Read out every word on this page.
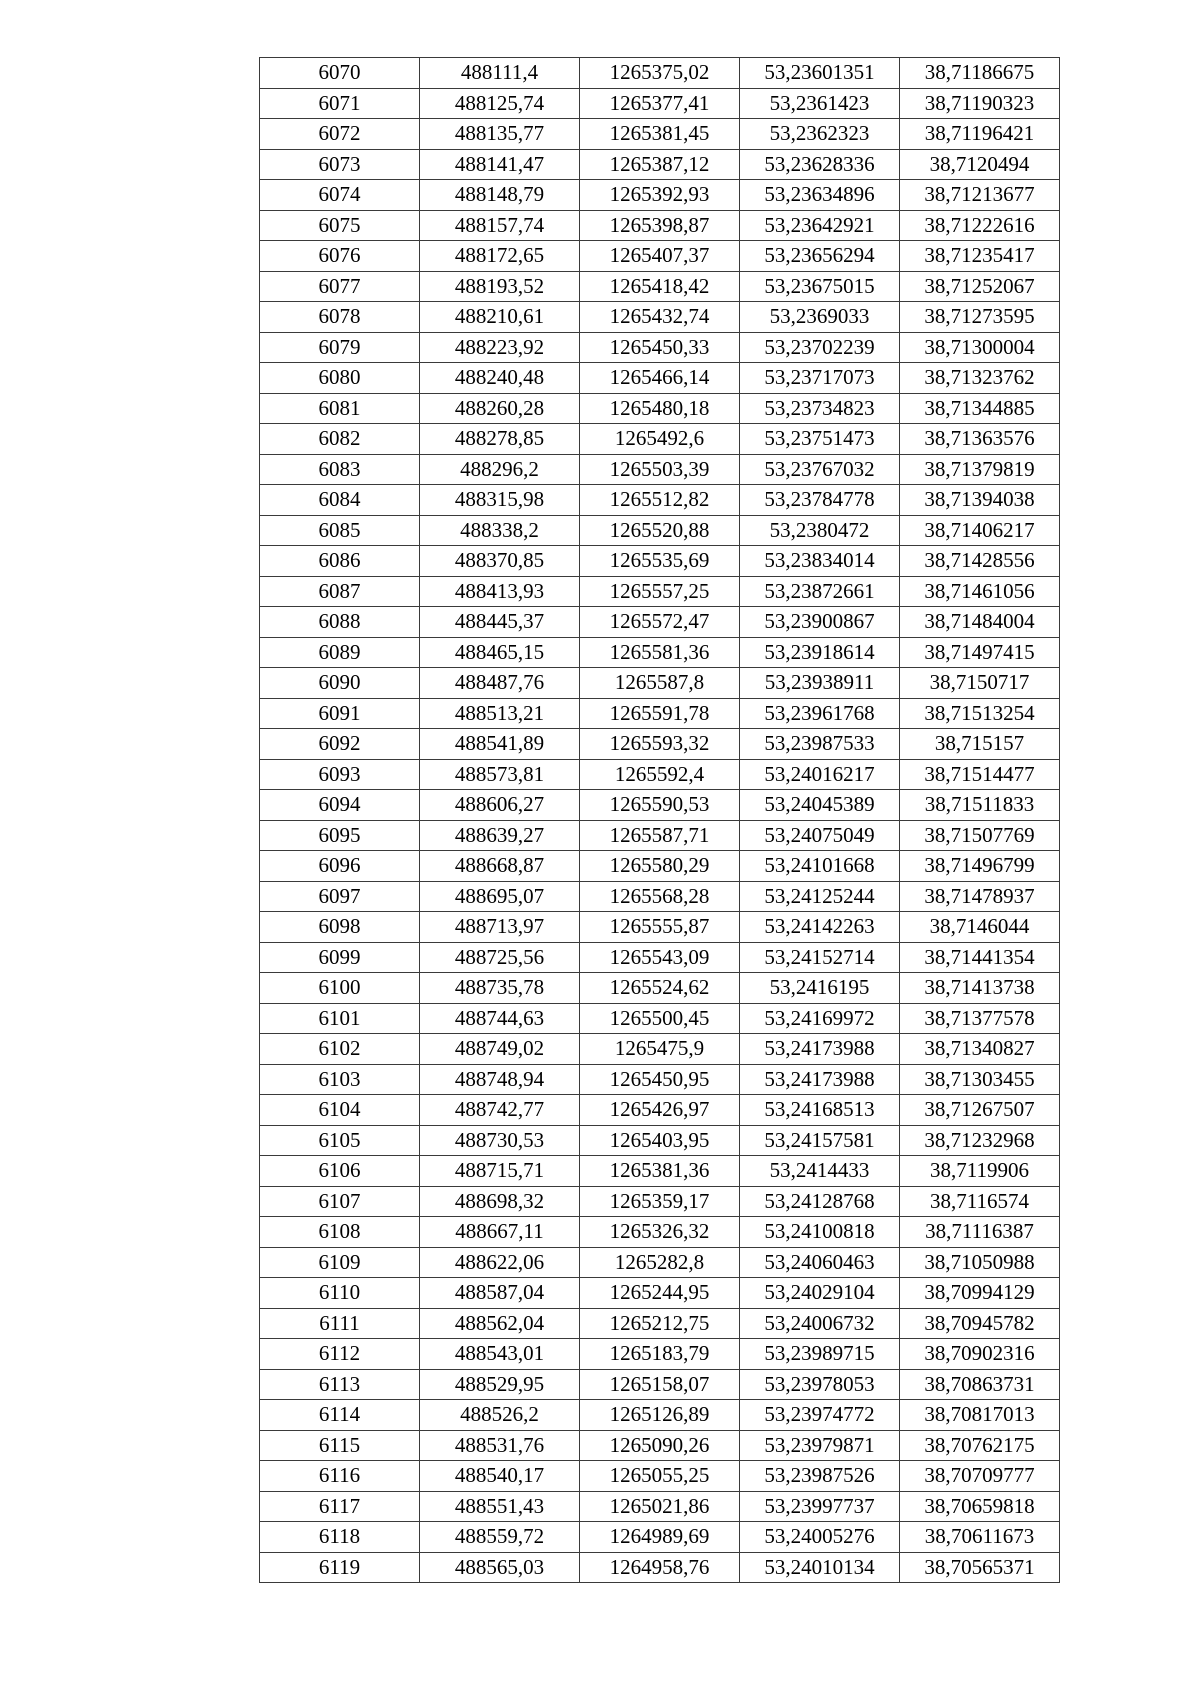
6070	488111,4	1265375,02	53,23601351	38,71186675
6071	488125,74	1265377,41	53,2361423	38,71190323
6072	488135,77	1265381,45	53,2362323	38,71196421
6073	488141,47	1265387,12	53,23628336	38,7120494
6074	488148,79	1265392,93	53,23634896	38,71213677
6075	488157,74	1265398,87	53,23642921	38,71222616
6076	488172,65	1265407,37	53,23656294	38,71235417
6077	488193,52	1265418,42	53,23675015	38,71252067
6078	488210,61	1265432,74	53,2369033	38,71273595
6079	488223,92	1265450,33	53,23702239	38,71300004
6080	488240,48	1265466,14	53,23717073	38,71323762
6081	488260,28	1265480,18	53,23734823	38,71344885
6082	488278,85	1265492,6	53,23751473	38,71363576
6083	488296,2	1265503,39	53,23767032	38,71379819
6084	488315,98	1265512,82	53,23784778	38,71394038
6085	488338,2	1265520,88	53,2380472	38,71406217
6086	488370,85	1265535,69	53,23834014	38,71428556
6087	488413,93	1265557,25	53,23872661	38,71461056
6088	488445,37	1265572,47	53,23900867	38,71484004
6089	488465,15	1265581,36	53,23918614	38,71497415
6090	488487,76	1265587,8	53,23938911	38,7150717
6091	488513,21	1265591,78	53,23961768	38,71513254
6092	488541,89	1265593,32	53,23987533	38,715157
6093	488573,81	1265592,4	53,24016217	38,71514477
6094	488606,27	1265590,53	53,24045389	38,71511833
6095	488639,27	1265587,71	53,24075049	38,71507769
6096	488668,87	1265580,29	53,24101668	38,71496799
6097	488695,07	1265568,28	53,24125244	38,71478937
6098	488713,97	1265555,87	53,24142263	38,7146044
6099	488725,56	1265543,09	53,24152714	38,71441354
6100	488735,78	1265524,62	53,2416195	38,71413738
6101	488744,63	1265500,45	53,24169972	38,71377578
6102	488749,02	1265475,9	53,24173988	38,71340827
6103	488748,94	1265450,95	53,24173988	38,71303455
6104	488742,77	1265426,97	53,24168513	38,71267507
6105	488730,53	1265403,95	53,24157581	38,71232968
6106	488715,71	1265381,36	53,2414433	38,7119906
6107	488698,32	1265359,17	53,24128768	38,7116574
6108	488667,11	1265326,32	53,24100818	38,71116387
6109	488622,06	1265282,8	53,24060463	38,71050988
6110	488587,04	1265244,95	53,24029104	38,70994129
6111	488562,04	1265212,75	53,24006732	38,70945782
6112	488543,01	1265183,79	53,23989715	38,70902316
6113	488529,95	1265158,07	53,23978053	38,70863731
6114	488526,2	1265126,89	53,23974772	38,70817013
6115	488531,76	1265090,26	53,23979871	38,70762175
6116	488540,17	1265055,25	53,23987526	38,70709777
6117	488551,43	1265021,86	53,23997737	38,70659818
6118	488559,72	1264989,69	53,24005276	38,70611673
6119	488565,03	1264958,76	53,24010134	38,70565371
